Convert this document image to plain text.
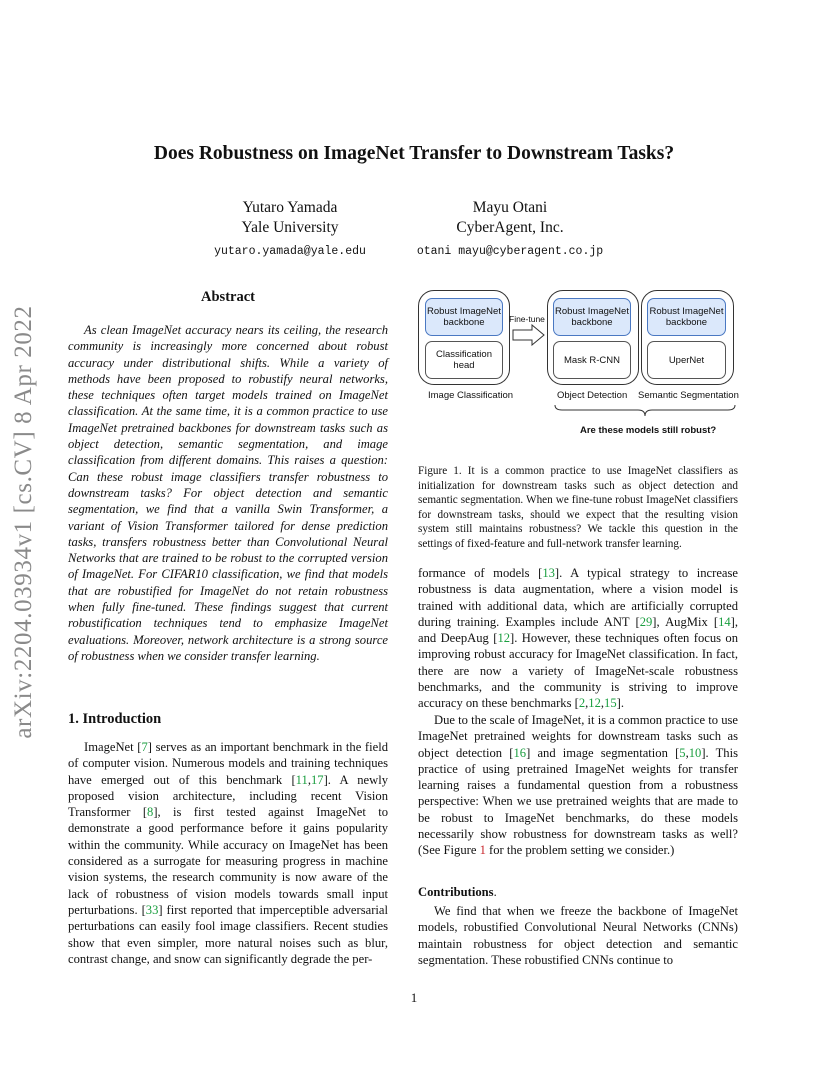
Does Robustness on ImageNet Transfer to Downstream Tasks?
Yutaro Yamada
Yale University
yutaro.yamada@yale.edu
Mayu Otani
CyberAgent, Inc.
otani mayu@cyberagent.co.jp
arXiv:2204.03934v1 [cs.CV] 8 Apr 2022
Abstract
As clean ImageNet accuracy nears its ceiling, the research community is increasingly more concerned about robust accuracy under distributional shifts. While a variety of methods have been proposed to robustify neural networks, these techniques often target models trained on ImageNet classification. At the same time, it is a common practice to use ImageNet pretrained backbones for downstream tasks such as object detection, semantic segmentation, and image classification from different domains. This raises a question: Can these robust image classifiers transfer robustness to downstream tasks? For object detection and semantic segmentation, we find that a vanilla Swin Transformer, a variant of Vision Transformer tailored for dense prediction tasks, transfers robustness better than Convolutional Neural Networks that are trained to be robust to the corrupted version of ImageNet. For CIFAR10 classification, we find that models that are robustified for ImageNet do not retain robustness when fully fine-tuned. These findings suggest that current robustification techniques tend to emphasize ImageNet evaluations. Moreover, network architecture is a strong source of robustness when we consider transfer learning.
1. Introduction
ImageNet [7] serves as an important benchmark in the field of computer vision. Numerous models and training techniques have emerged out of this benchmark [11,17]. A newly proposed vision architecture, including recent Vision Transformer [8], is first tested against ImageNet to demonstrate a good performance before it gains popularity within the community. While accuracy on ImageNet has been considered as a surrogate for measuring progress in machine vision systems, the research community is now aware of the lack of robustness of vision models towards small input perturbations. [33] first reported that imperceptible adversarial perturbations can easily fool image classifiers. Recent studies show that even simpler, more natural noises such as blur, contrast change, and snow can significantly degrade the per-
Robust ImageNet backbone
Classification head
Image Classification
Fine-tune
Robust ImageNet backbone
Mask R-CNN
Object Detection
Robust ImageNet backbone
UperNet
Semantic Segmentation
Are these models still robust?
Figure 1. It is a common practice to use ImageNet classifiers as initialization for downstream tasks such as object detection and semantic segmentation. When we fine-tune robust ImageNet classifiers for downstream tasks, should we expect that the resulting vision system still maintains robustness? We tackle this question in the settings of fixed-feature and full-network transfer learning.
formance of models [13]. A typical strategy to increase robustness is data augmentation, where a vision model is trained with additional data, which are artificially corrupted during training. Examples include ANT [29], AugMix [14], and DeepAug [12]. However, these techniques often focus on improving robust accuracy for ImageNet classification. In fact, there are now a variety of ImageNet-scale robustness benchmarks, and the community is striving to improve accuracy on these benchmarks [2,12,15].
Due to the scale of ImageNet, it is a common practice to use ImageNet pretrained weights for downstream tasks such as object detection [16] and image segmentation [5,10]. This practice of using pretrained ImageNet weights for transfer learning raises a fundamental question from a robustness perspective: When we use pretrained weights that are made to be robust to ImageNet benchmarks, do these models necessarily show robustness for downstream tasks as well? (See Figure 1 for the problem setting we consider.)
Contributions.
We find that when we freeze the backbone of ImageNet models, robustified Convolutional Neural Networks (CNNs) maintain robustness for object detection and semantic segmentation. These robustified CNNs continue to
1
